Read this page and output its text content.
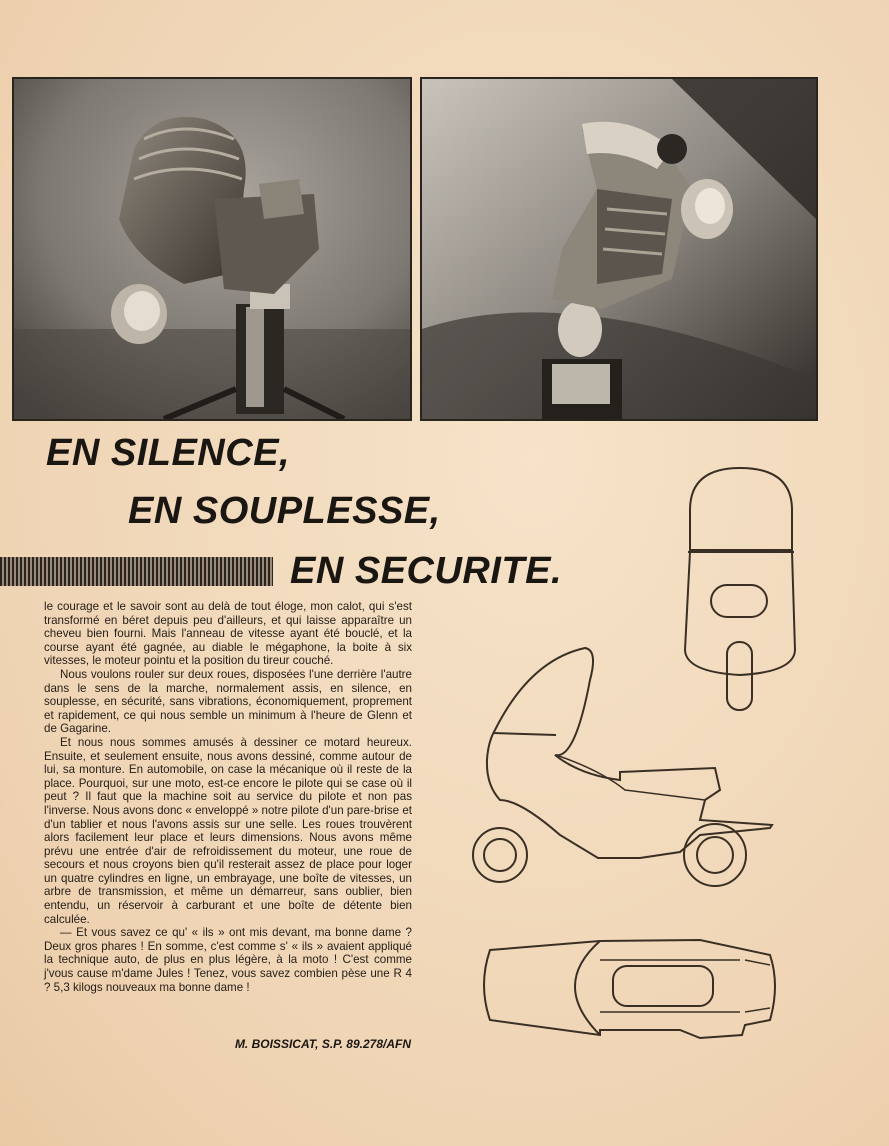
EN SILENCE,
EN SOUPLESSE,
EN SECURITE.

le courage et le savoir sont au delà de tout éloge, mon calot, qui s'est transformé en béret depuis peu d'ailleurs, et qui laisse apparaître un cheveu bien fourni. Mais l'anneau de vitesse ayant été bouclé, et la course ayant été gagnée, au diable le mégaphone, la boite à six vitesses, le moteur pointu et la position du tireur couché.

Nous voulons rouler sur deux roues, disposées l'une derrière l'autre dans le sens de la marche, normalement assis, en silence, en souplesse, en sécurité, sans vibrations, économiquement, proprement et rapidement, ce qui nous semble un minimum à l'heure de Glenn et de Gagarine.

Et nous nous sommes amusés à dessiner ce motard heureux. Ensuite, et seulement ensuite, nous avons dessiné, comme autour de lui, sa monture. En automobile, on case la mécanique où il reste de la place. Pourquoi, sur une moto, est-ce encore le pilote qui se case où il peut ? Il faut que la machine soit au service du pilote et non pas l'inverse. Nous avons donc « enveloppé » notre pilote d'un pare-brise et d'un tablier et nous l'avons assis sur une selle. Les roues trouvèrent alors facilement leur place et leurs dimensions. Nous avons même prévu une entrée d'air de refroidissement du moteur, une roue de secours et nous croyons bien qu'il resterait assez de place pour loger un quatre cylindres en ligne, un embrayage, une boîte de vitesses, un arbre de transmission, et même un démarreur, sans oublier, bien entendu, un réservoir à carburant et une boîte de détente bien calculée.

— Et vous savez ce qu' « ils » ont mis devant, ma bonne dame ? Deux gros phares ! En somme, c'est comme s' « ils » avaient appliqué la technique auto, de plus en plus légère, à la moto ! C'est comme j'vous cause m'dame Jules ! Tenez, vous savez combien pèse une R 4 ? 5,3 kilogs nouveaux ma bonne dame !

M. BOISSICAT, S.P. 89.278/AFN
